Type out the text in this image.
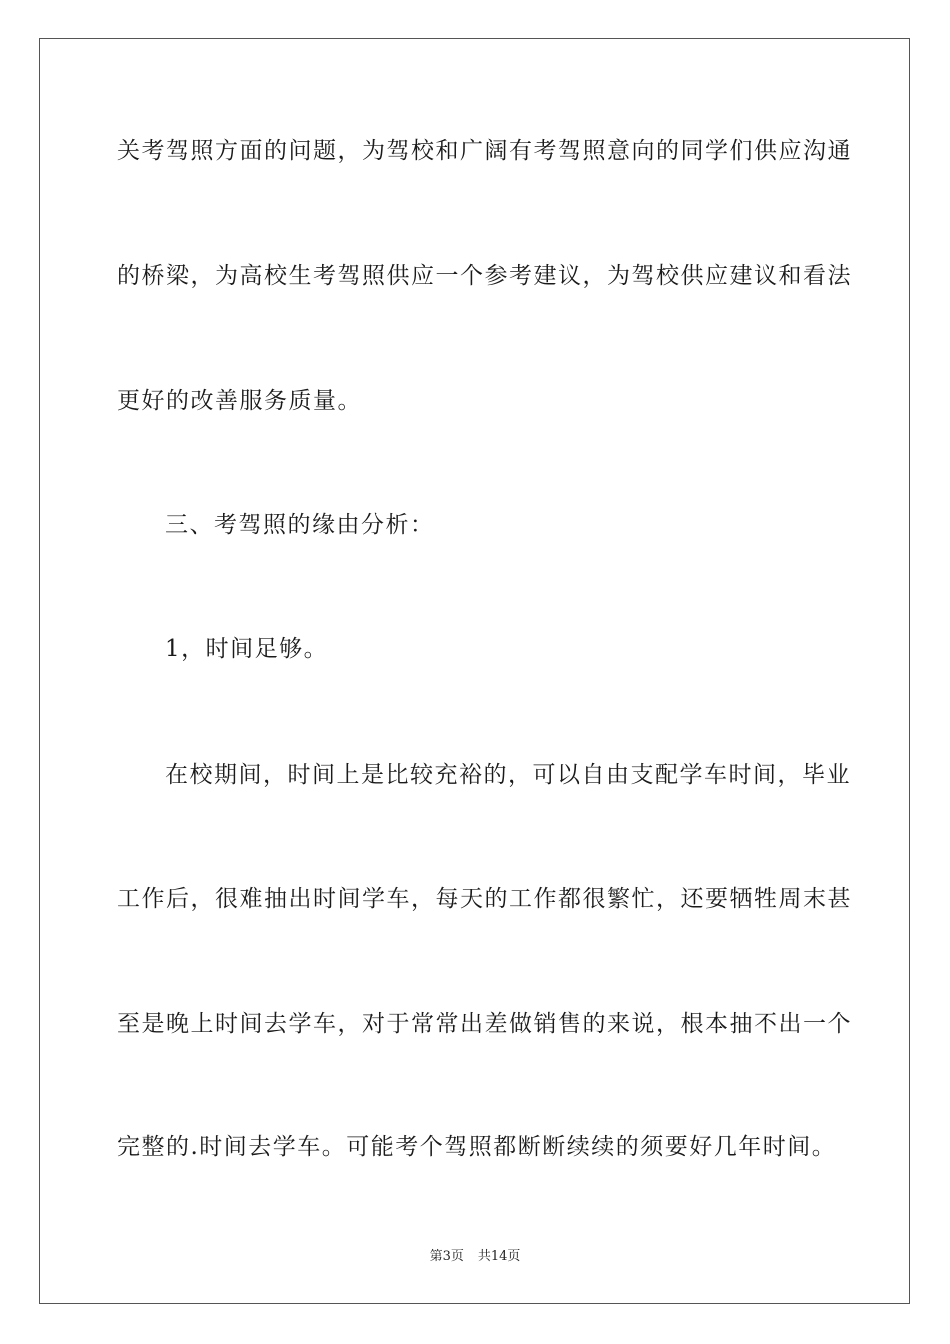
关考驾照方面的问题，为驾校和广阔有考驾照意向的同学们供应沟通
的桥梁，为高校生考驾照供应一个参考建议，为驾校供应建议和看法
更好的改善服务质量。
三、考驾照的缘由分析：
1，时间足够。
在校期间，时间上是比较充裕的，可以自由支配学车时间，毕业
工作后，很难抽出时间学车，每天的工作都很繁忙，还要牺牲周末甚
至是晚上时间去学车，对于常常出差做销售的来说，根本抽不出一个
完整的.时间去学车。可能考个驾照都断断续续的须要好几年时间。
第3页 共14页
